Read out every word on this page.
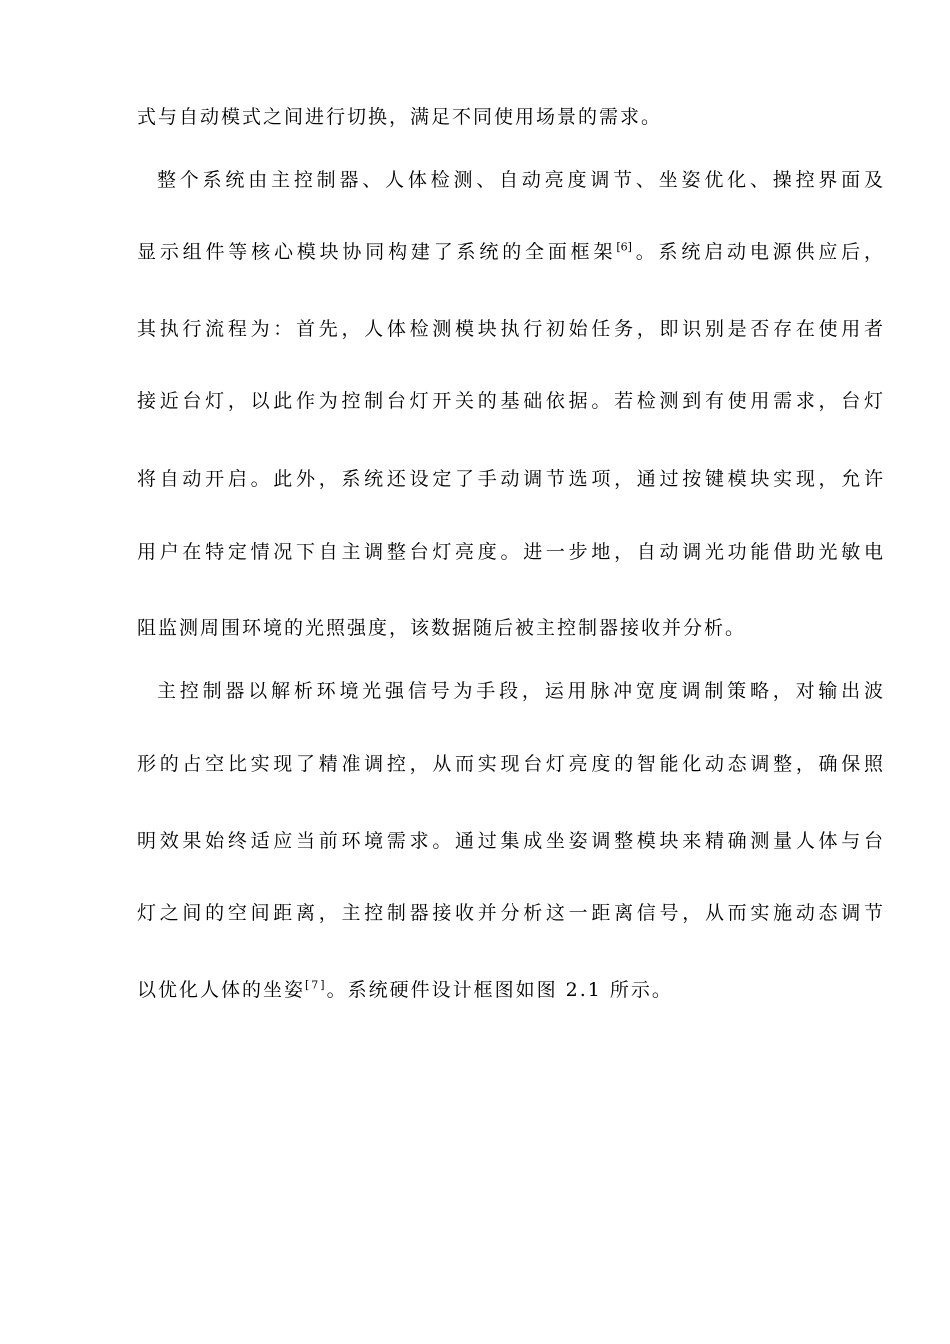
式与自动模式之间进行切换，满足不同使用场景的需求。
整个系统由主控制器、人体检测、自动亮度调节、坐姿优化、操控界面及
显示组件等核心模块协同构建了系统的全面框架[6]。系统启动电源供应后，
其执行流程为：首先，人体检测模块执行初始任务，即识别是否存在使用者
接近台灯，以此作为控制台灯开关的基础依据。若检测到有使用需求，台灯
将自动开启。此外，系统还设定了手动调节选项，通过按键模块实现，允许
用户在特定情况下自主调整台灯亮度。进一步地，自动调光功能借助光敏电
阻监测周围环境的光照强度，该数据随后被主控制器接收并分析。
主控制器以解析环境光强信号为手段，运用脉冲宽度调制策略，对输出波
形的占空比实现了精准调控，从而实现台灯亮度的智能化动态调整，确保照
明效果始终适应当前环境需求。通过集成坐姿调整模块来精确测量人体与台
灯之间的空间距离，主控制器接收并分析这一距离信号，从而实施动态调节
以优化人体的坐姿[7]。系统硬件设计框图如图 2.1 所示。
